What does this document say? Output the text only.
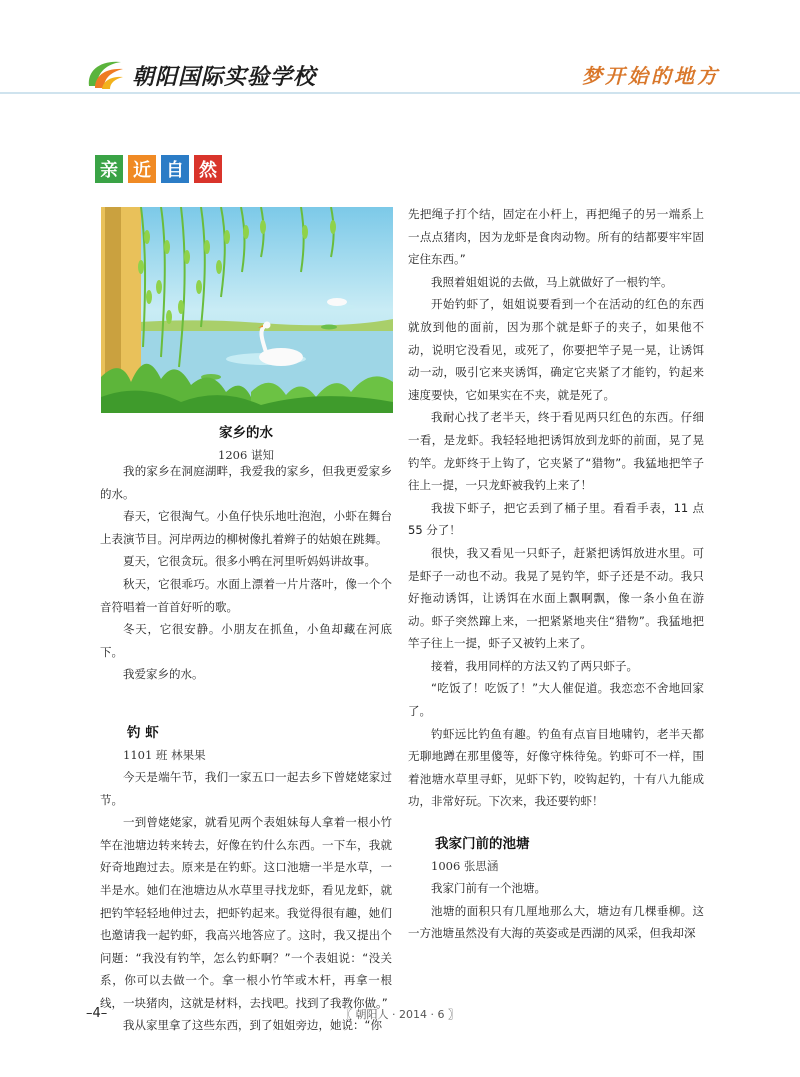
朝阳国际实验学校	梦开始的地方
亲 近 自 然

家乡的水

1206 谌知

我的家乡在洞庭湖畔，我爱我的家乡，但我更爱家乡的水。

春天，它很淘气。小鱼仔快乐地吐泡泡，小虾在舞台上表演节目。河岸两边的柳树像扎着辫子的姑娘在跳舞。

夏天，它很贪玩。很多小鸭在河里听妈妈讲故事。

秋天，它很乖巧。水面上漂着一片片落叶，像一个个音符唱着一首首好听的歌。

冬天，它很安静。小朋友在抓鱼，小鱼却藏在河底下。

我爱家乡的水。

钓 虾

1101 班 林果果

今天是端午节，我们一家五口一起去乡下曾姥姥家过节。

一到曾姥姥家，就看见两个表姐妹每人拿着一根小竹竿在池塘边转来转去，好像在钓什么东西。一下车，我就好奇地跑过去。原来是在钓虾。这口池塘一半是水草，一半是水。她们在池塘边从水草里寻找龙虾，看见龙虾，就把钓竿轻轻地伸过去，把虾钓起来。我觉得很有趣，她们也邀请我一起钓虾，我高兴地答应了。这时，我又提出个问题：“我没有钓竿，怎么钓虾啊？”一个表姐说：“没关系，你可以去做一个。拿一根小竹竿或木杆，再拿一根线，一块猪肉，这就是材料，去找吧。找到了我教你做。”

我从家里拿了这些东西，到了姐姐旁边，她说：“你

先把绳子打个结，固定在小杆上，再把绳子的另一端系上一点点猪肉，因为龙虾是食肉动物。所有的结都要牢牢固定住东西。”

我照着姐姐说的去做，马上就做好了一根钓竿。

开始钓虾了，姐姐说要看到一个在活动的红色的东西就放到他的面前，因为那个就是虾子的夹子，如果他不动，说明它没看见，或死了，你要把竿子晃一晃，让诱饵动一动，吸引它来夹诱饵，确定它夹紧了才能钓，钓起来速度要快，它如果实在不夹，就是死了。

我耐心找了老半天，终于看见两只红色的东西。仔细一看，是龙虾。我轻轻地把诱饵放到龙虾的前面，晃了晃钓竿。龙虾终于上钩了，它夹紧了“猎物”。我猛地把竿子往上一提，一只龙虾被我钓上来了！

我拔下虾子，把它丢到了桶子里。看看手表，11 点 55 分了！

很快，我又看见一只虾子，赶紧把诱饵放进水里。可是虾子一动也不动。我晃了晃钓竿，虾子还是不动。我只好拖动诱饵，让诱饵在水面上飘啊飘，像一条小鱼在游动。虾子突然蹿上来，一把紧紧地夹住“猎物”。我猛地把竿子往上一提，虾子又被钓上来了。

接着，我用同样的方法又钓了两只虾子。

“吃饭了！吃饭了！”大人催促道。我恋恋不舍地回家了。

钓虾远比钓鱼有趣。钓鱼有点盲目地啸钓，老半天都无聊地蹲在那里傻等，好像守株待兔。钓虾可不一样，围着池塘水草里寻虾，见虾下钓，咬钩起钓，十有八九能成功，非常好玩。下次来，我还要钓虾！

我家门前的池塘

1006 张思涵

我家门前有一个池塘。

池塘的面积只有几厘地那么大，塘边有几棵垂柳。这一方池塘虽然没有大海的英姿或是西湖的风采，但我却深

〖 朝阳人 · 2014 · 6 〗
–4–
